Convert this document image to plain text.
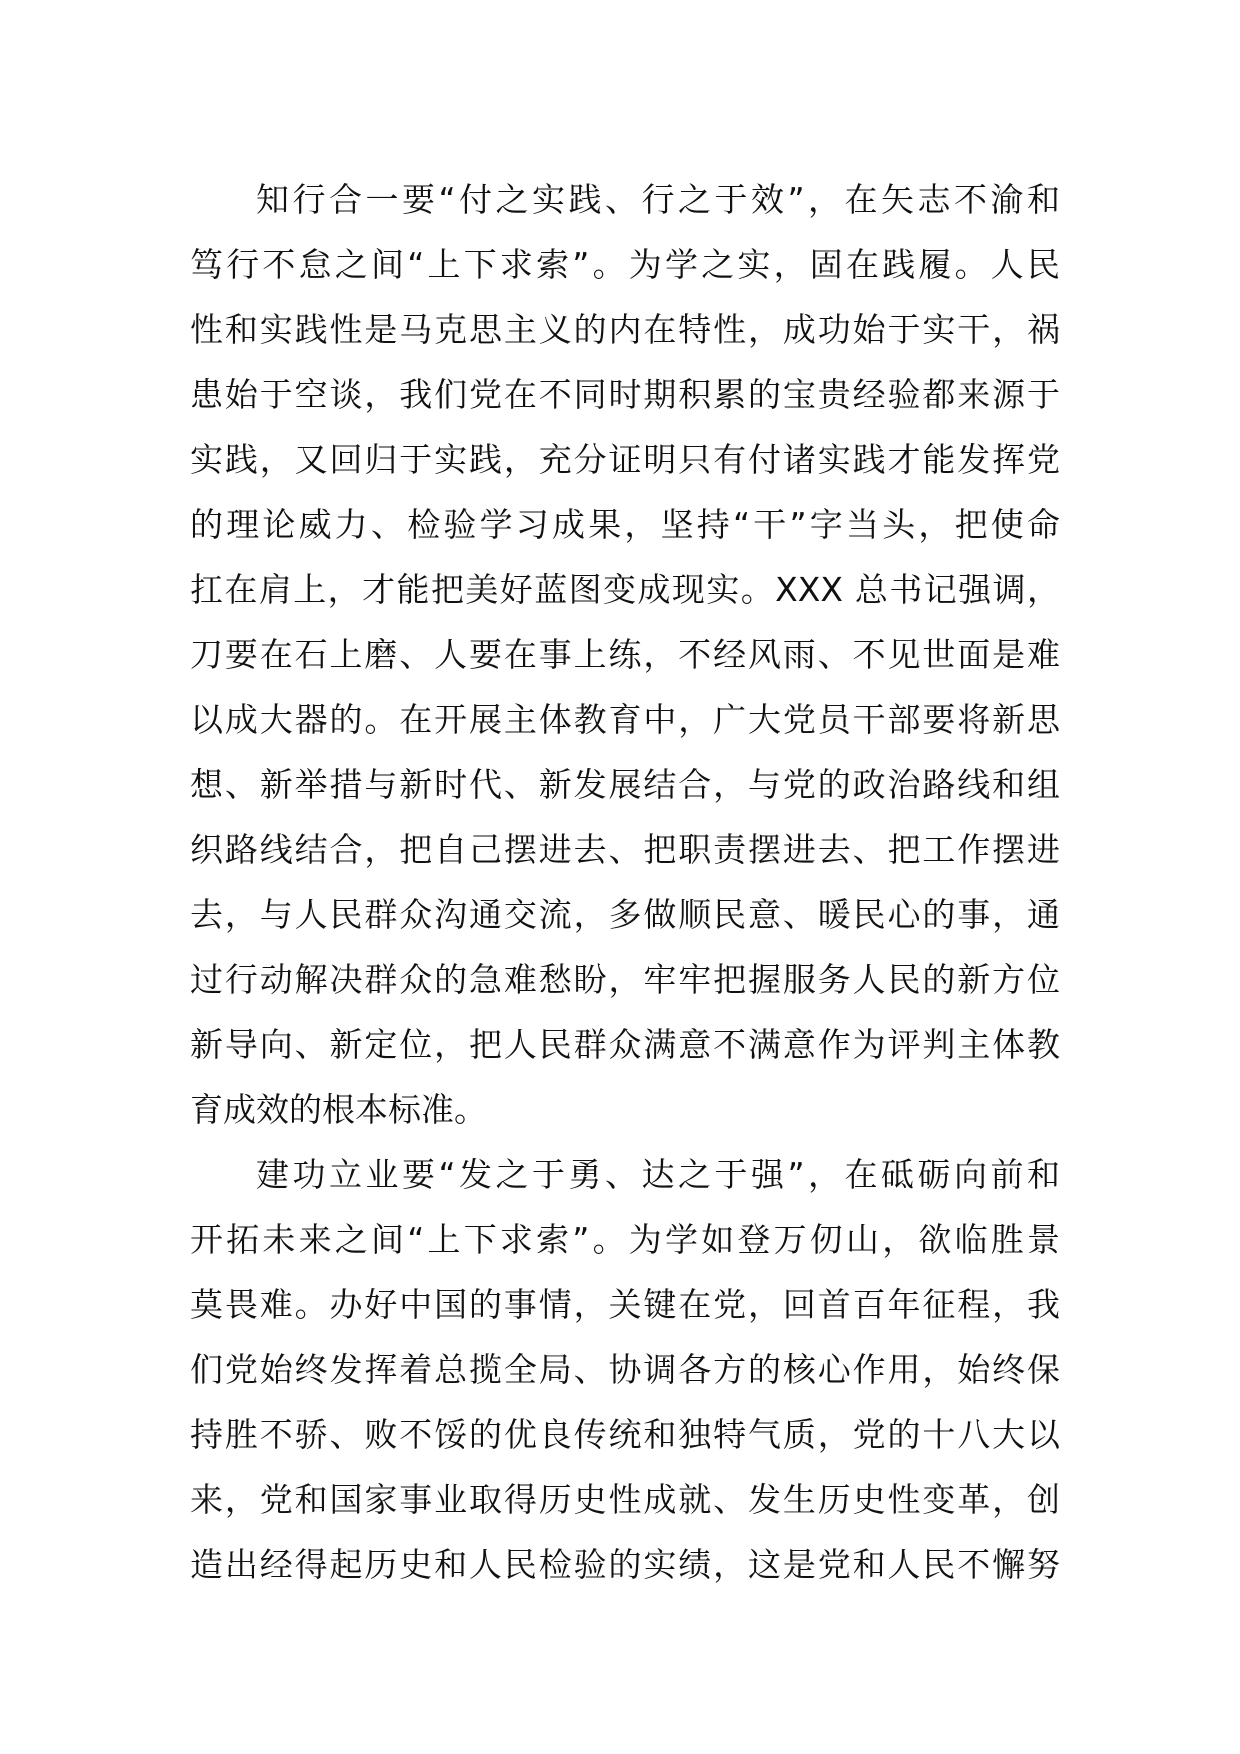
知行合一要“付之实践、行之于效”，在矢志不渝和
笃行不怠之间“上下求索”。为学之实，固在践履。人民
性和实践性是马克思主义的内在特性，成功始于实干，祸
患始于空谈，我们党在不同时期积累的宝贵经验都来源于
实践，又回归于实践，充分证明只有付诸实践才能发挥党
的理论威力、检验学习成果，坚持“干”字当头，把使命
扛在肩上，才能把美好蓝图变成现实。XXX 总书记强调，
刀要在石上磨、人要在事上练，不经风雨、不见世面是难
以成大器的。在开展主体教育中，广大党员干部要将新思
想、新举措与新时代、新发展结合，与党的政治路线和组
织路线结合，把自己摆进去、把职责摆进去、把工作摆进
去，与人民群众沟通交流，多做顺民意、暖民心的事，通
过行动解决群众的急难愁盼，牢牢把握服务人民的新方位
新导向、新定位，把人民群众满意不满意作为评判主体教
育成效的根本标准。
建功立业要“发之于勇、达之于强”，在砥砺向前和
开拓未来之间“上下求索”。为学如登万仞山，欲临胜景
莫畏难。办好中国的事情，关键在党，回首百年征程，我
们党始终发挥着总揽全局、协调各方的核心作用，始终保
持胜不骄、败不馁的优良传统和独特气质，党的十八大以
来，党和国家事业取得历史性成就、发生历史性变革，创
造出经得起历史和人民检验的实绩，这是党和人民不懈努
